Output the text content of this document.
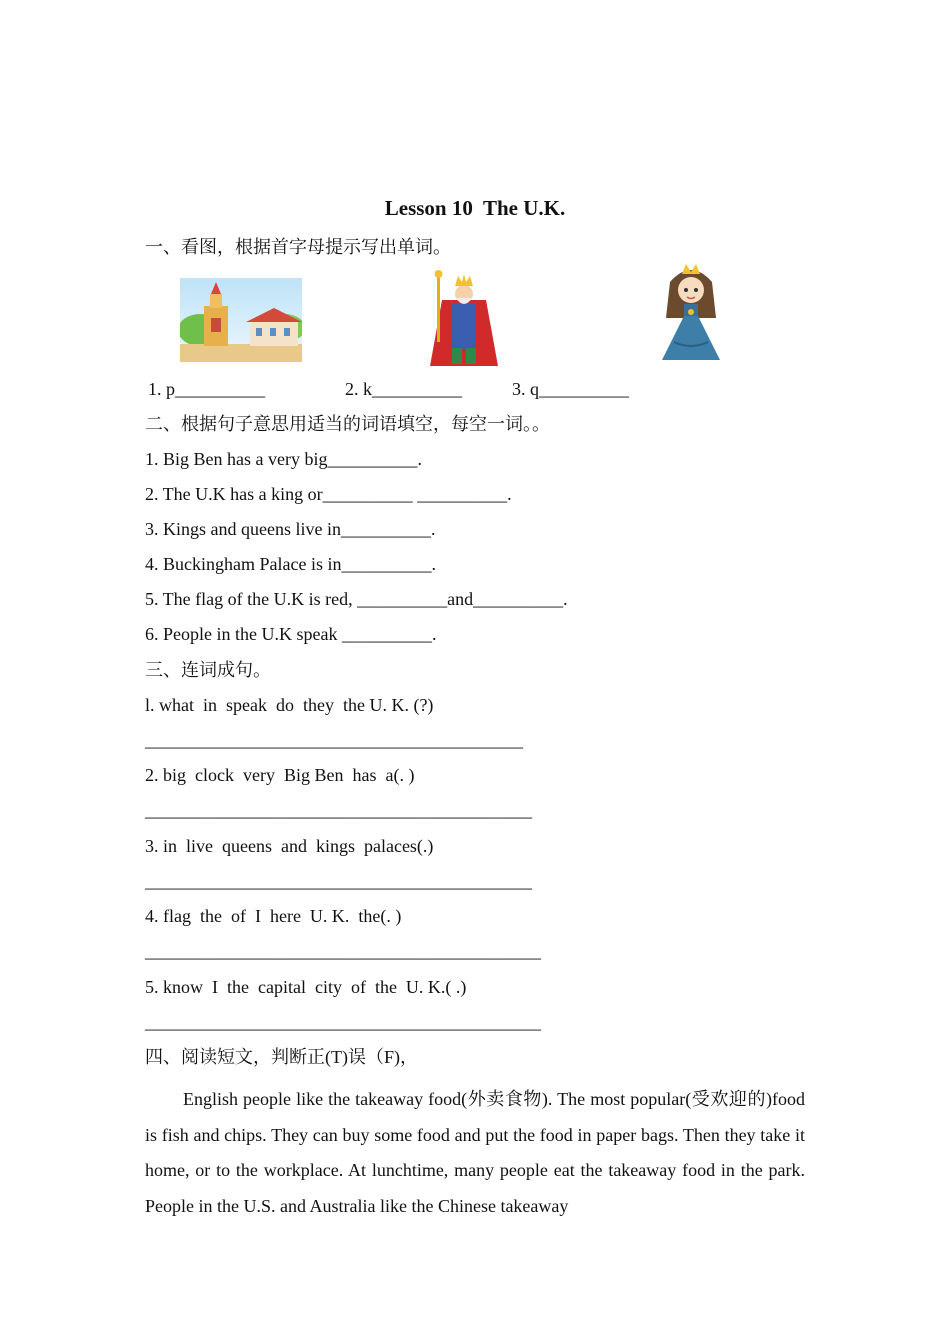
Lesson 10  The U.K.
一、看图，根据首字母提示写出单词。
1. p__________	2. k__________	3. q__________
二、根据句子意思用适当的词语填空，每空一词。。
1. Big Ben has a very big__________.
2. The U.K has a king or__________ __________.
3. Kings and queens live in__________.
4. Buckingham Palace is in__________.
5. The flag of the U.K is red, __________and__________.
6. People in the U.K speak __________.
三、连词成句。
l. what  in  speak  do  they  the U. K. (?)
__________________________________________
2. big  clock  very  Big Ben  has  a(. )
___________________________________________
3. in  live  queens  and  kings  palaces(.)
___________________________________________
4. flag  the  of  I  here  U. K.  the(. )
____________________________________________
5. know  I  the  capital  city  of  the  U. K.( .)
____________________________________________
四、阅读短文，判断正(T)误（F)，
English people like the takeaway food(外卖食物). The most popular(受欢迎的)food is fish and chips. They can buy some food and put the food in paper bags. Then they take it home, or to the workplace. At lunchtime, many people eat the takeaway food in the park. People in the U.S. and Australia like the Chinese takeaway
